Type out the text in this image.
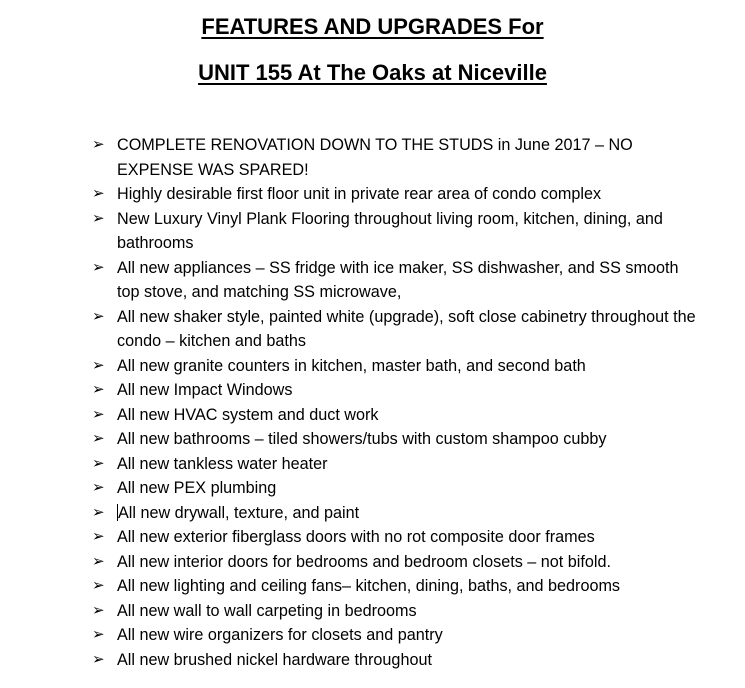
FEATURES AND UPGRADES For
UNIT 155 At The Oaks at Niceville
➢ COMPLETE RENOVATION DOWN TO THE STUDS in June 2017 – NO EXPENSE WAS SPARED!
➢ Highly desirable first floor unit in private rear area of condo complex
➢ New Luxury Vinyl Plank Flooring throughout living room, kitchen, dining, and bathrooms
➢ All new appliances – SS fridge with ice maker, SS dishwasher, and SS smooth top stove, and matching SS microwave,
➢ All new shaker style, painted white (upgrade), soft close cabinetry throughout the condo – kitchen and baths
➢ All new granite counters in kitchen, master bath, and second bath
➢ All new Impact Windows
➢ All new HVAC system and duct work
➢ All new bathrooms – tiled showers/tubs with custom shampoo cubby
➢ All new tankless water heater
➢ All new PEX plumbing
➢ All new drywall, texture, and paint
➢ All new exterior fiberglass doors with no rot composite door frames
➢ All new interior doors for bedrooms and bedroom closets – not bifold.
➢ All new lighting and ceiling fans– kitchen, dining, baths, and bedrooms
➢ All new wall to wall carpeting in bedrooms
➢ All new wire organizers for closets and pantry
➢ All new brushed nickel hardware throughout
